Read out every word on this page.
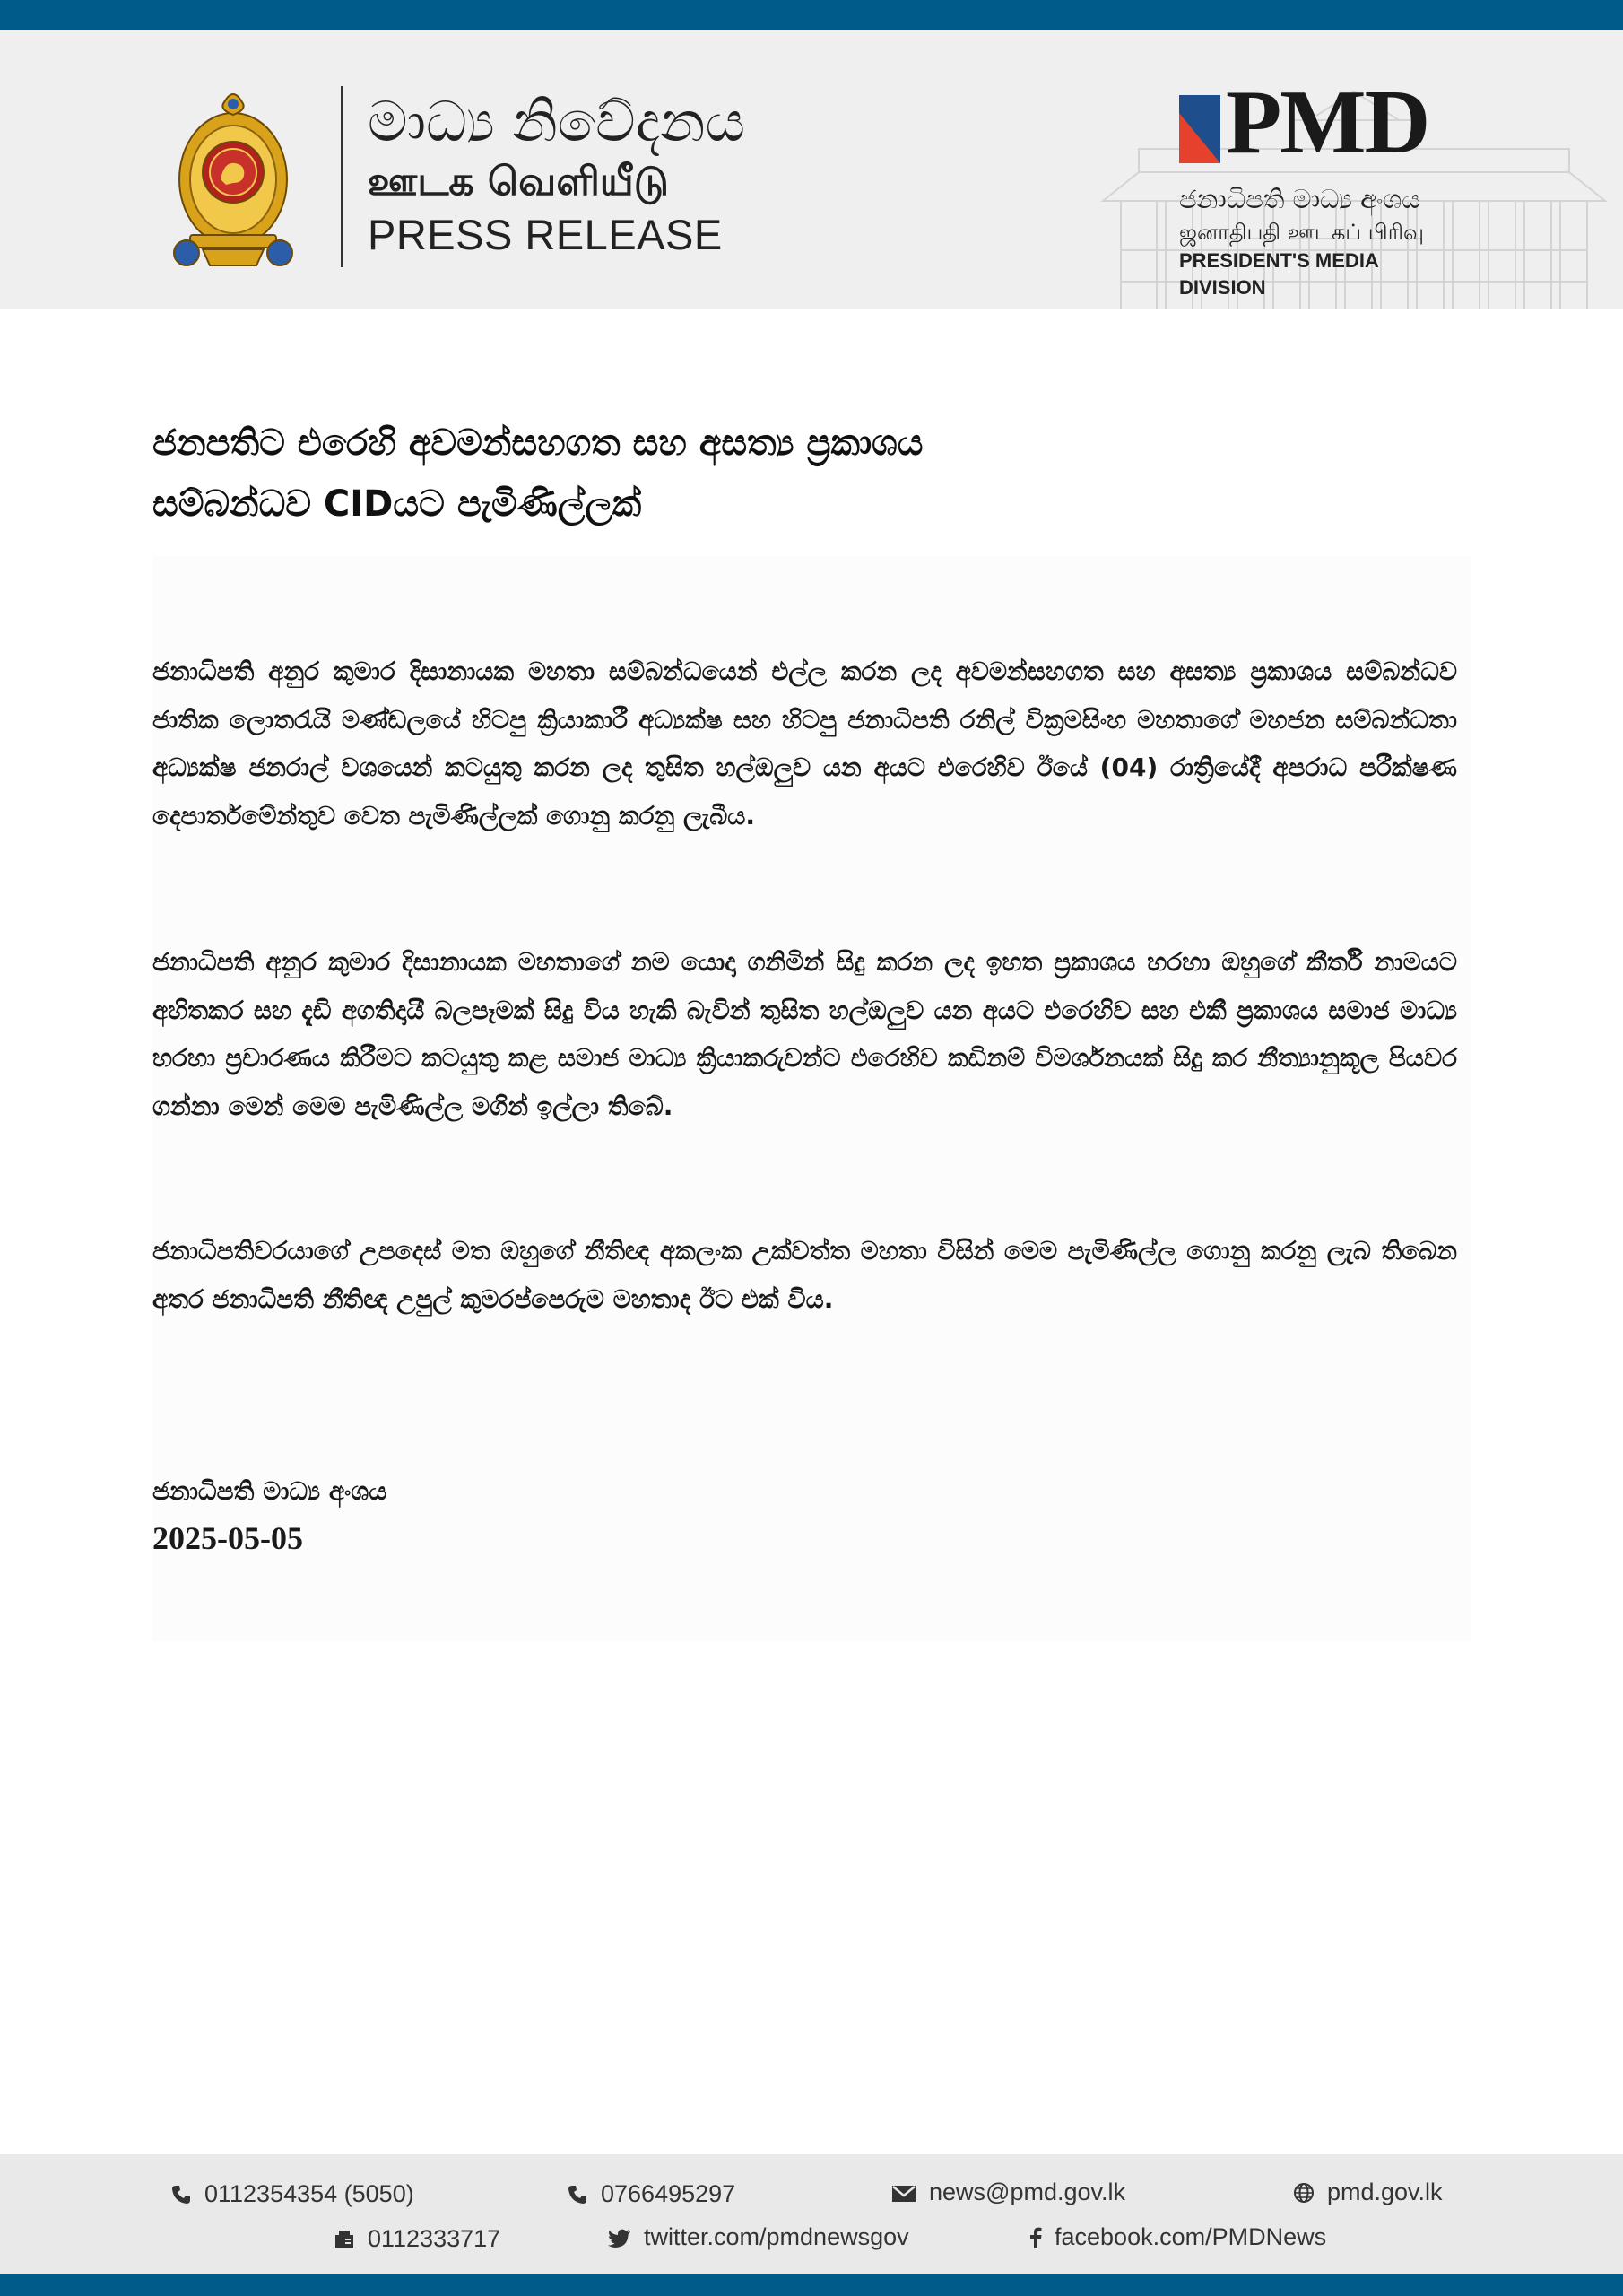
මාධ්‍ය නිවේදනය
ஊடக வெளியீடு
PRESS RELEASE
PMD
ජනාධිපති මාධ්‍ය අංශය
ஜனாதிபதி ஊடகப் பிரிவு
PRESIDENT'S MEDIA DIVISION
ජනපතිට එරෙහි අවමන්සහගත සහ අසත්‍ය ප්‍රකාශය
සම්බන්ධව CIDයට පැමිණිල්ලක්

ජනාධිපති අනුර කුමාර දිසානායක මහතා සම්බන්ධයෙන් එල්ල කරන ලද අවමන්සහගත සහ අසත්‍ය ප්‍රකාශය සම්බන්ධව ජාතික ලොතරැයි මණ්ඩලයේ හිටපු ක්‍රියාකාරී අධ්‍යක්ෂ සහ හිටපු ජනාධිපති රනිල් වික්‍රමසිංහ මහතාගේ මහජන සම්බන්ධතා අධ්‍යක්ෂ ජනරාල් වශයෙන් කටයුතු කරන ලද තුසිත හල්ඔලුව යන අයට එරෙහිව ඊයේ (04) රාත්‍රියේදී අපරාධ පරීක්ෂණ දෙපාර්තමේන්තුව වෙත පැමිණිල්ලක් ගොනු කරනු ලැබීය.

ජනාධිපති අනුර කුමාර දිසානායක මහතාගේ නම යොදා ගනිමින් සිදු කරන ලද ඉහත ප්‍රකාශය හරහා ඔහුගේ කීර්ති නාමයට අහිතකර සහ දැඩි අගතිදායී බලපෑමක් සිදු විය හැකි බැවින් තුසිත හල්ඔලුව යන අයට එරෙහිව සහ එකී ප්‍රකාශය සමාජ මාධ්‍ය හරහා ප්‍රචාරණය කිරීමට කටයුතු කළ සමාජ මාධ්‍ය ක්‍රියාකරුවන්ට එරෙහිව කඩිනම් විමර්ශනයක් සිදු කර නීත්‍යානුකූල පියවර ගන්නා මෙන් මෙම පැමිණිල්ල මගින් ඉල්ලා තිබේ.

ජනාධිපතිවරයාගේ උපදෙස් මත ඔහුගේ නීතිඥ අකලංක උක්වත්ත මහතා විසින් මෙම පැමිණිල්ල ගොනු කරනු ලැබ තිබෙන අතර ජනාධිපති නීතිඥ උපුල් කුමරප්පෙරුම මහතාද ඊට එක් විය.

ජනාධිපති මාධ්‍ය අංශය
2025-05-05
0112354354 (5050)	0766495297	news@pmd.gov.lk	pmd.gov.lk
0112333717	twitter.com/pmdnewsgov	facebook.com/PMDNews
